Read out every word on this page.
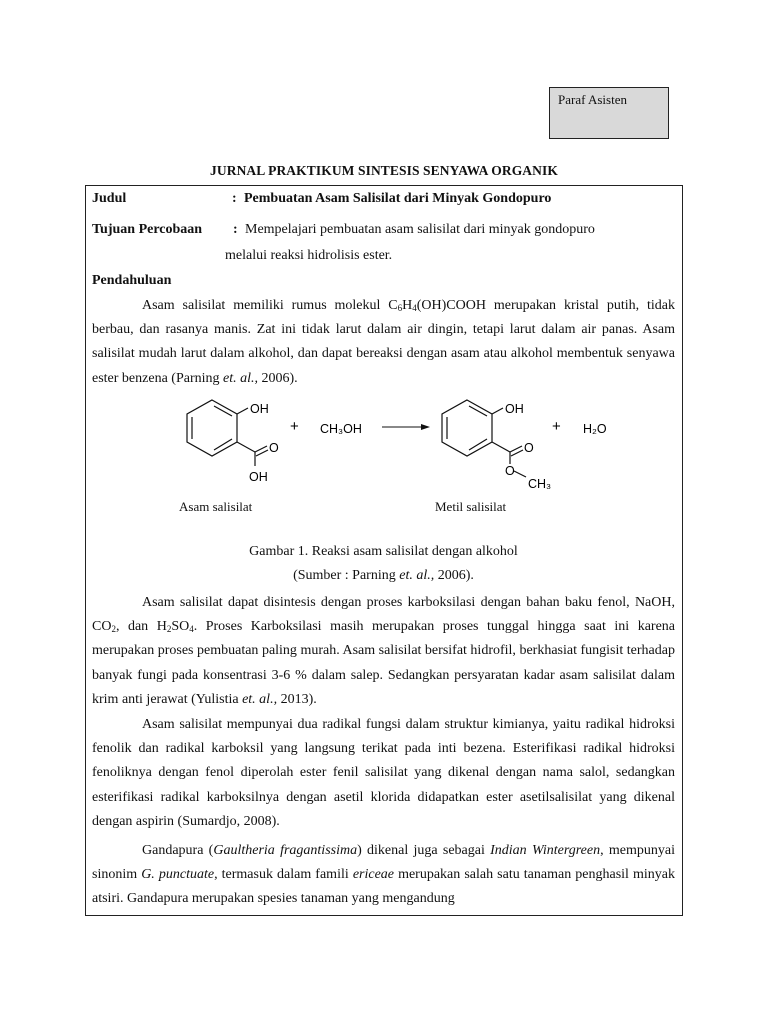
Paraf Asisten
JURNAL PRAKTIKUM SINTESIS SENYAWA ORGANIK
Judul	: Pembuatan Asam Salisilat dari Minyak Gondopuro
Tujuan Percobaan : Mempelajari pembuatan asam salisilat dari minyak gondopuro
melalui reaksi hidrolisis ester.
Pendahuluan
Asam salisilat memiliki rumus molekul $C_6H_4(OH)COOH$ merupakan kristal putih, tidak berbau, dan rasanya manis. Zat ini tidak larut dalam air dingin, tetapi larut dalam air panas. Asam salisilat mudah larut dalam alkohol, dan dapat bereaksi dengan asam atau alkohol membentuk senyawa ester benzena (Parning et. al., 2006).
OH
O
OH
+ CH₃OH
OH
O
O
CH₃
+ H₂O
Asam salisilat	Metil salisilat
Gambar 1. Reaksi asam salisilat dengan alkohol
(Sumber : Parning et. al., 2006).
Asam salisilat dapat disintesis dengan proses karboksilasi dengan bahan baku fenol, NaOH, $CO_2$, dan $H_2SO_4$. Proses Karboksilasi masih merupakan proses tunggal hingga saat ini karena merupakan proses pembuatan paling murah. Asam salisilat bersifat hidrofil, berkhasiat fungisit terhadap banyak fungi pada konsentrasi 3-6 % dalam salep. Sedangkan persyaratan kadar asam salisilat dalam krim anti jerawat (Yulistia et. al., 2013).
Asam salisilat mempunyai dua radikal fungsi dalam struktur kimianya, yaitu radikal hidroksi fenolik dan radikal karboksil yang langsung terikat pada inti bezena. Esterifikasi radikal hidroksi fenoliknya dengan fenol diperolah ester fenil salisilat yang dikenal dengan nama salol, sedangkan esterifikasi radikal karboksilnya dengan asetil klorida didapatkan ester asetilsalisilat yang dikenal dengan aspirin (Sumardjo, 2008).
Gandapura (Gaultheria fragantissima) dikenal juga sebagai Indian Wintergreen, mempunyai sinonim G. punctuate, termasuk dalam famili ericeae merupakan salah satu tanaman penghasil minyak atsiri. Gandapura merupakan spesies tanaman yang mengandung
